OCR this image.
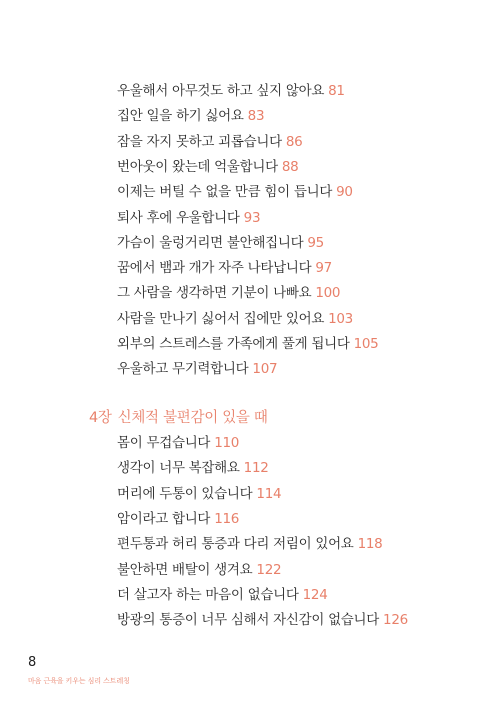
우울해서 아무것도 하고 싶지 않아요 81
집안 일을 하기 싫어요 83
잠을 자지 못하고 괴롭습니다 86
번아웃이 왔는데 억울합니다 88
이제는 버틸 수 없을 만큼 힘이 듭니다 90
퇴사 후에 우울합니다 93
가슴이 울렁거리면 불안해집니다 95
꿈에서 뱀과 개가 자주 나타납니다 97
그 사람을 생각하면 기분이 나빠요 100
사람을 만나기 싫어서 집에만 있어요 103
외부의 스트레스를 가족에게 풀게 됩니다 105
우울하고 무기력합니다 107
몸이 무겁습니다 110
생각이 너무 복잡해요 112
머리에 두통이 있습니다 114
암이라고 합니다 116
편두통과 허리 통증과 다리 저림이 있어요 118
불안하면 배탈이 생겨요 122
더 살고자 하는 마음이 없습니다 124
방광의 통증이 너무 심해서 자신감이 없습니다 126
4장 신체적 불편감이 있을 때
8
마음 근육을 키우는 심리 스트레칭
